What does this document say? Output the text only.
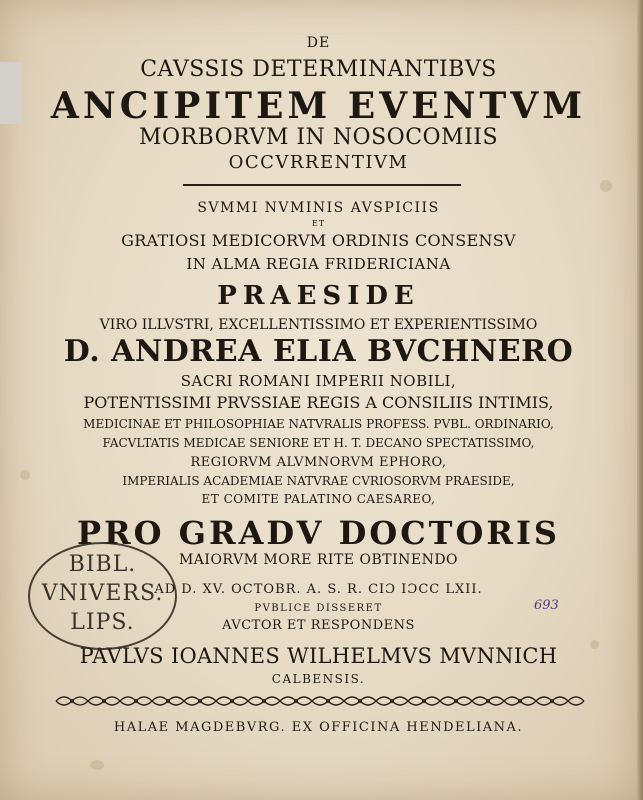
DE
CAVSSIS DETERMINANTIBVS
ANCIPITEM EVENTVM
MORBORVM IN NOSOCOMIIS
OCCVRRENTIVM
SVMMI NVMINIS AVSPICIIS
ET
GRATIOSI MEDICORVM ORDINIS CONSENSV
IN ALMA REGIA FRIDERICIANA
PRAESIDE
VIRO ILLVSTRI, EXCELLENTISSIMO ET EXPERIENTISSIMO
D. ANDREA ELIA BVCHNERO
SACRI ROMANI IMPERII NOBILI,
POTENTISSIMI PRVSSIAE REGIS A CONSILIIS INTIMIS,
MEDICINAE ET PHILOSOPHIAE NATVRALIS PROFESS. PVBL. ORDINARIO,
FACVLTATIS MEDICAE SENIORE ET H. T. DECANO SPECTATISSIMO,
REGIORVM ALVMNORVM EPHORO,
IMPERIALIS ACADEMIAE NATVRAE CVRIOSORVM PRAESIDE,
ET COMITE PALATINO CAESAREO,
PRO GRADV DOCTORIS
MAIORVM MORE RITE OBTINENDO
AD D. XV. OCTOBR. A. S. R. CIƆ IƆCC LXII.
PVBLICE DISSERET
AVCTOR ET RESPONDENS
PAVLVS IOANNES WILHELMVS MVNNICH
CALBENSIS.
HALAE MAGDEBVRG. EX OFFICINA HENDELIANA.
BIBL.
VNIVERS.
LIPS.
693
